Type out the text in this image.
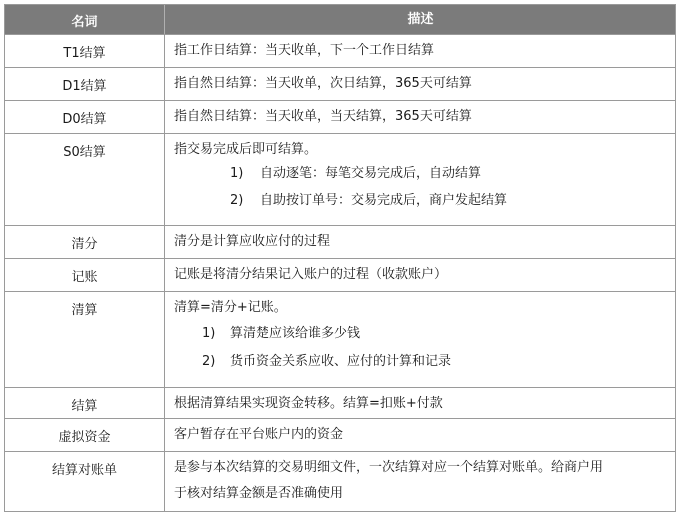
名词	描述
T1结算	指工作日结算：当天收单，下一个工作日结算
D1结算	指自然日结算：当天收单，次日结算，365天可结算
D0结算	指自然日结算：当天收单，当天结算，365天可结算
S0结算	指交易完成后即可结算。
1) 自动逐笔：每笔交易完成后，自动结算
2) 自助按订单号：交易完成后，商户发起结算
清分	清分是计算应收应付的过程
记账	记账是将清分结果记入账户的过程（收款账户）
清算	清算=清分+记账。
1) 算清楚应该给谁多少钱
2) 货币资金关系应收、应付的计算和记录
结算	根据清算结果实现资金转移。结算=扣账+付款
虚拟资金	客户暂存在平台账户内的资金
结算对账单	是参与本次结算的交易明细文件，一次结算对应一个结算对账单。给商户用
于核对结算金额是否准确使用
